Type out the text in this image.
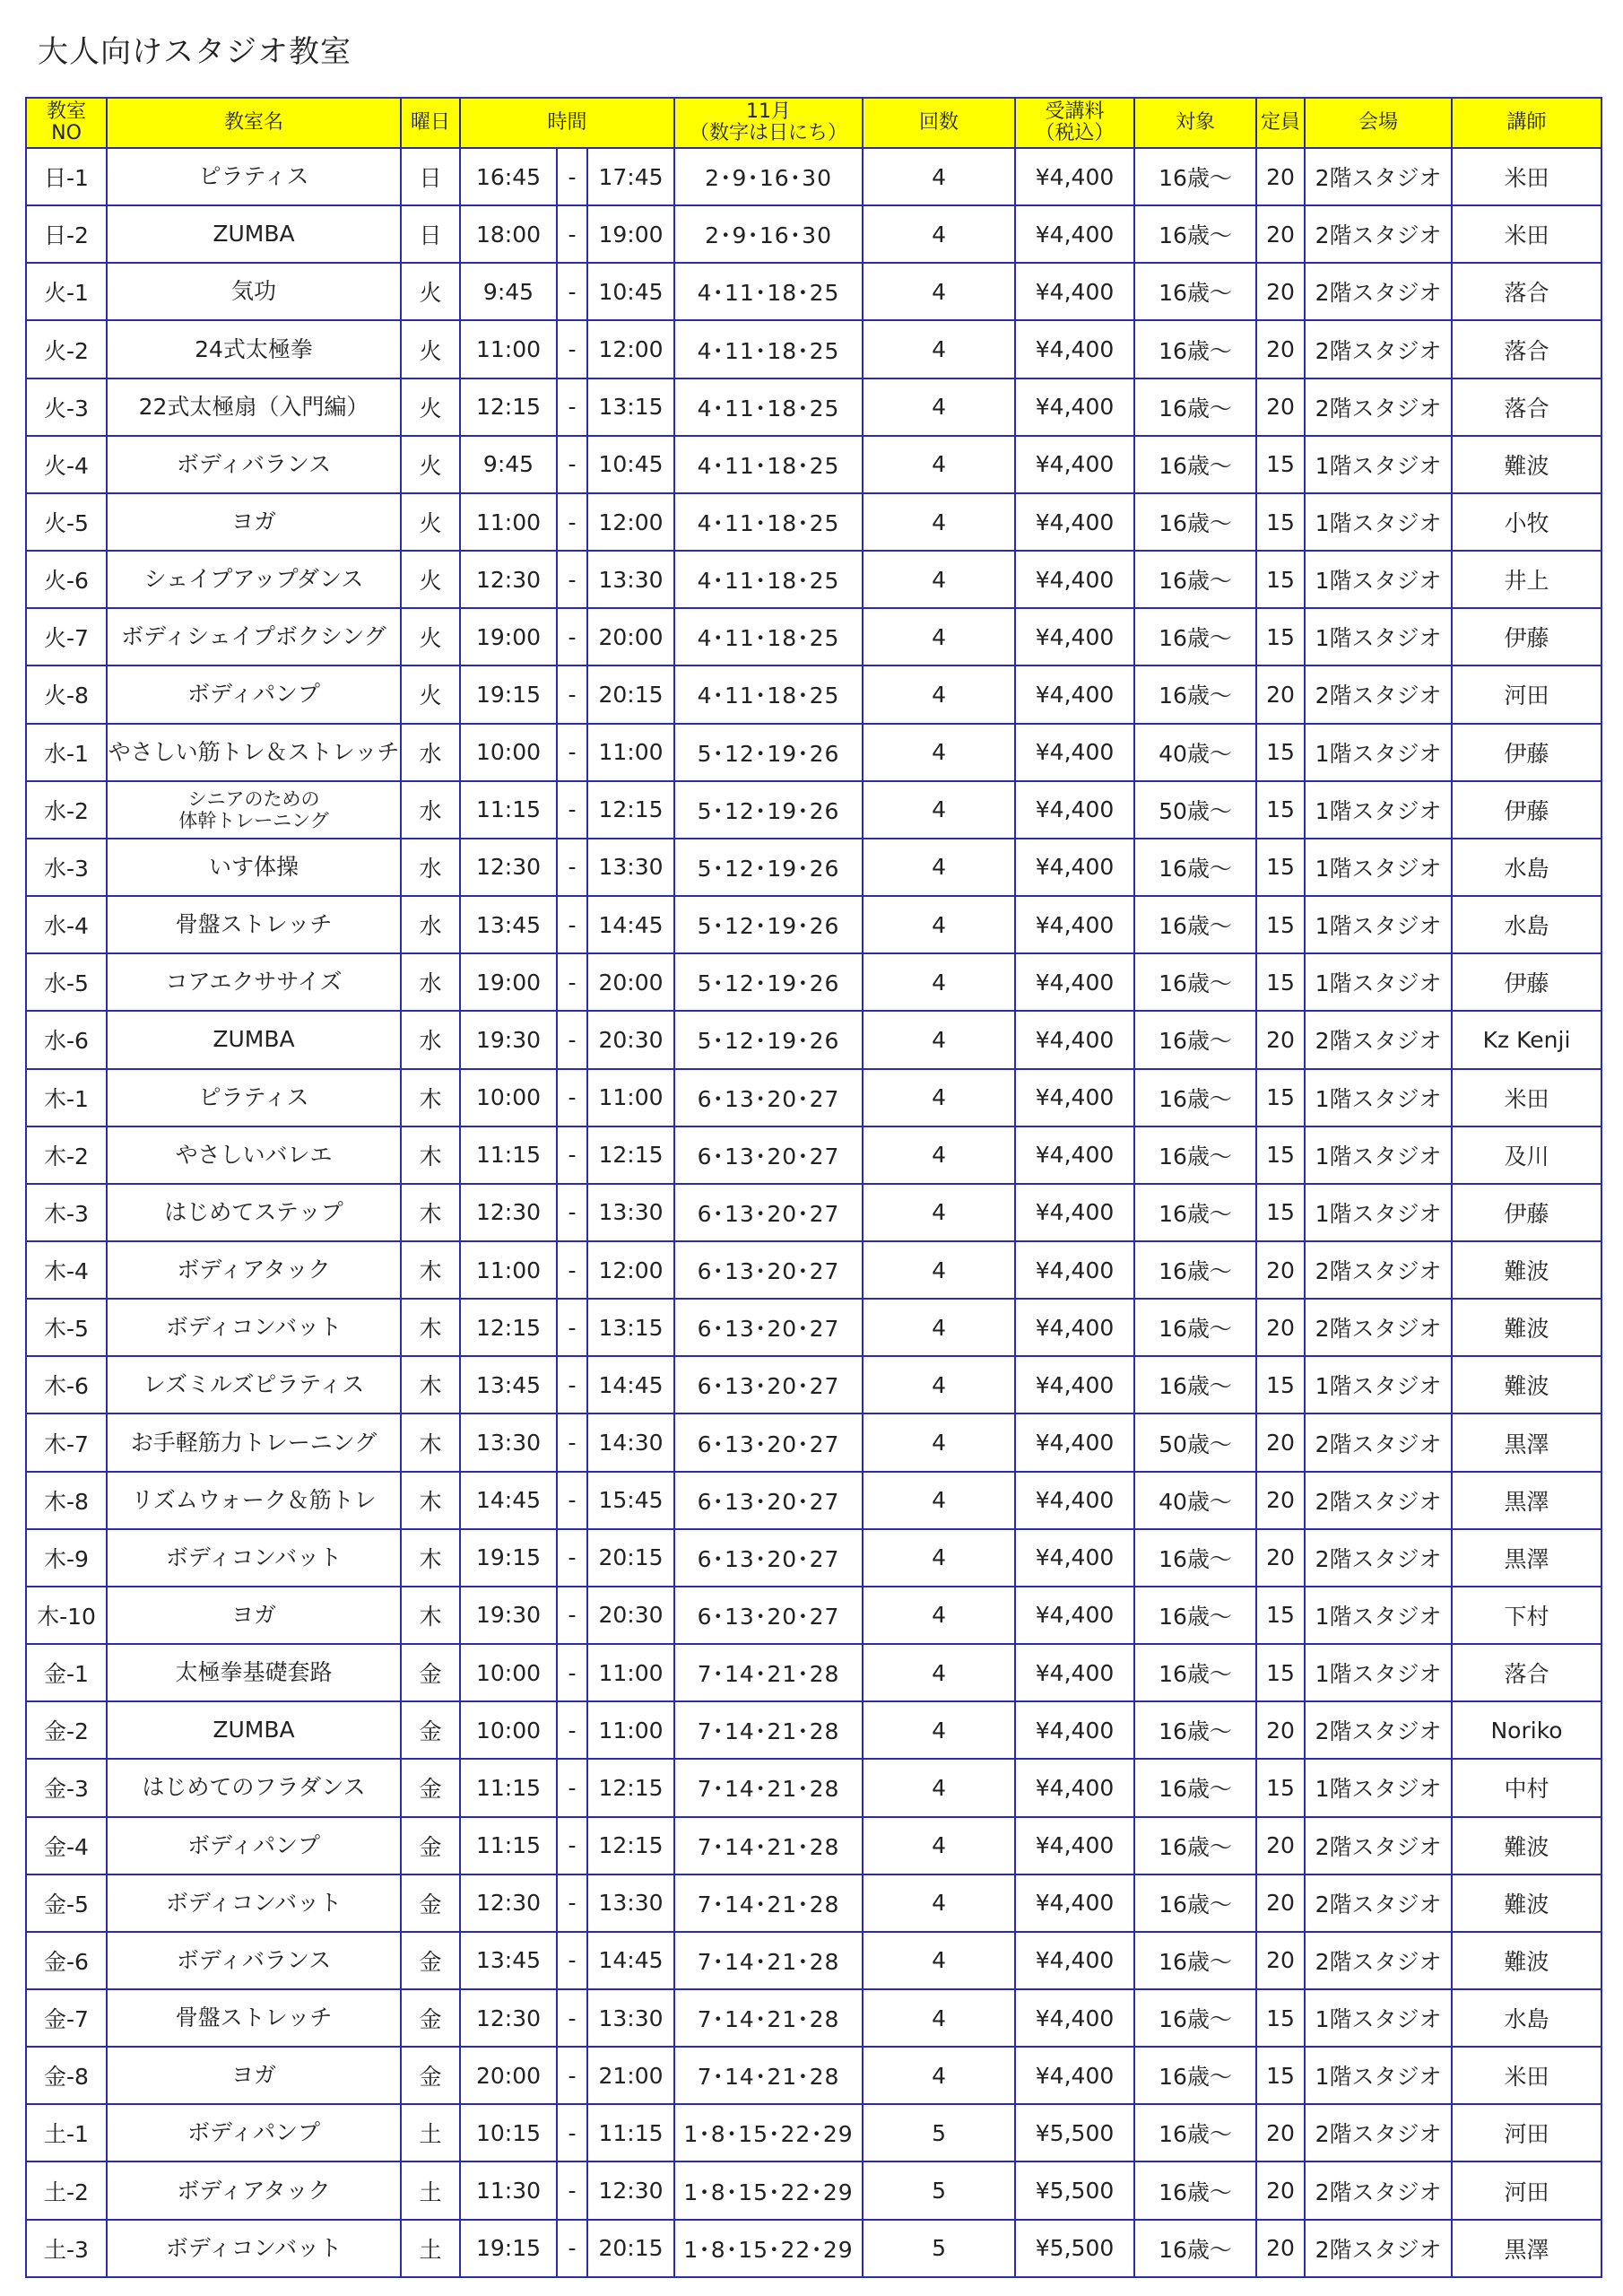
大人向けスタジオ教室
教室
NO	教室名	曜日	時間			11月
（数字は日にち）	回数	受講料
（税込）	対象	定員	会場	講師
日-1	ピラティス	日	16:45	-	17:45	2･9･16･30	4	¥4,400	16歳～	20	2階スタジオ	米田
日-2	ZUMBA	日	18:00	-	19:00	2･9･16･30	4	¥4,400	16歳～	20	2階スタジオ	米田
火-1	気功	火	9:45	-	10:45	4･11･18･25	4	¥4,400	16歳～	20	2階スタジオ	落合
火-2	24式太極拳	火	11:00	-	12:00	4･11･18･25	4	¥4,400	16歳～	20	2階スタジオ	落合
火-3	22式太極扇（入門編）	火	12:15	-	13:15	4･11･18･25	4	¥4,400	16歳～	20	2階スタジオ	落合
火-4	ボディバランス	火	9:45	-	10:45	4･11･18･25	4	¥4,400	16歳～	15	1階スタジオ	難波
火-5	ヨガ	火	11:00	-	12:00	4･11･18･25	4	¥4,400	16歳～	15	1階スタジオ	小牧
火-6	シェイプアップダンス	火	12:30	-	13:30	4･11･18･25	4	¥4,400	16歳～	15	1階スタジオ	井上
火-7	ボディシェイプボクシング	火	19:00	-	20:00	4･11･18･25	4	¥4,400	16歳～	15	1階スタジオ	伊藤
火-8	ボディパンプ	火	19:15	-	20:15	4･11･18･25	4	¥4,400	16歳～	20	2階スタジオ	河田
水-1	やさしい筋トレ＆ストレッチ	水	10:00	-	11:00	5･12･19･26	4	¥4,400	40歳～	15	1階スタジオ	伊藤
水-2	シニアのための
体幹トレーニング	水	11:15	-	12:15	5･12･19･26	4	¥4,400	50歳～	15	1階スタジオ	伊藤
水-3	いす体操	水	12:30	-	13:30	5･12･19･26	4	¥4,400	16歳～	15	1階スタジオ	水島
水-4	骨盤ストレッチ	水	13:45	-	14:45	5･12･19･26	4	¥4,400	16歳～	15	1階スタジオ	水島
水-5	コアエクササイズ	水	19:00	-	20:00	5･12･19･26	4	¥4,400	16歳～	15	1階スタジオ	伊藤
水-6	ZUMBA	水	19:30	-	20:30	5･12･19･26	4	¥4,400	16歳～	20	2階スタジオ	Kz Kenji
木-1	ピラティス	木	10:00	-	11:00	6･13･20･27	4	¥4,400	16歳～	15	1階スタジオ	米田
木-2	やさしいバレエ	木	11:15	-	12:15	6･13･20･27	4	¥4,400	16歳～	15	1階スタジオ	及川
木-3	はじめてステップ	木	12:30	-	13:30	6･13･20･27	4	¥4,400	16歳～	15	1階スタジオ	伊藤
木-4	ボディアタック	木	11:00	-	12:00	6･13･20･27	4	¥4,400	16歳～	20	2階スタジオ	難波
木-5	ボディコンバット	木	12:15	-	13:15	6･13･20･27	4	¥4,400	16歳～	20	2階スタジオ	難波
木-6	レズミルズピラティス	木	13:45	-	14:45	6･13･20･27	4	¥4,400	16歳～	15	1階スタジオ	難波
木-7	お手軽筋力トレーニング	木	13:30	-	14:30	6･13･20･27	4	¥4,400	50歳～	20	2階スタジオ	黒澤
木-8	リズムウォーク＆筋トレ	木	14:45	-	15:45	6･13･20･27	4	¥4,400	40歳～	20	2階スタジオ	黒澤
木-9	ボディコンバット	木	19:15	-	20:15	6･13･20･27	4	¥4,400	16歳～	20	2階スタジオ	黒澤
木-10	ヨガ	木	19:30	-	20:30	6･13･20･27	4	¥4,400	16歳～	15	1階スタジオ	下村
金-1	太極拳基礎套路	金	10:00	-	11:00	7･14･21･28	4	¥4,400	16歳～	15	1階スタジオ	落合
金-2	ZUMBA	金	10:00	-	11:00	7･14･21･28	4	¥4,400	16歳～	20	2階スタジオ	Noriko
金-3	はじめてのフラダンス	金	11:15	-	12:15	7･14･21･28	4	¥4,400	16歳～	15	1階スタジオ	中村
金-4	ボディパンプ	金	11:15	-	12:15	7･14･21･28	4	¥4,400	16歳～	20	2階スタジオ	難波
金-5	ボディコンバット	金	12:30	-	13:30	7･14･21･28	4	¥4,400	16歳～	20	2階スタジオ	難波
金-6	ボディバランス	金	13:45	-	14:45	7･14･21･28	4	¥4,400	16歳～	20	2階スタジオ	難波
金-7	骨盤ストレッチ	金	12:30	-	13:30	7･14･21･28	4	¥4,400	16歳～	15	1階スタジオ	水島
金-8	ヨガ	金	20:00	-	21:00	7･14･21･28	4	¥4,400	16歳～	15	1階スタジオ	米田
土-1	ボディパンプ	土	10:15	-	11:15	1･8･15･22･29	5	¥5,500	16歳～	20	2階スタジオ	河田
土-2	ボディアタック	土	11:30	-	12:30	1･8･15･22･29	5	¥5,500	16歳～	20	2階スタジオ	河田
土-3	ボディコンバット	土	19:15	-	20:15	1･8･15･22･29	5	¥5,500	16歳～	20	2階スタジオ	黒澤
